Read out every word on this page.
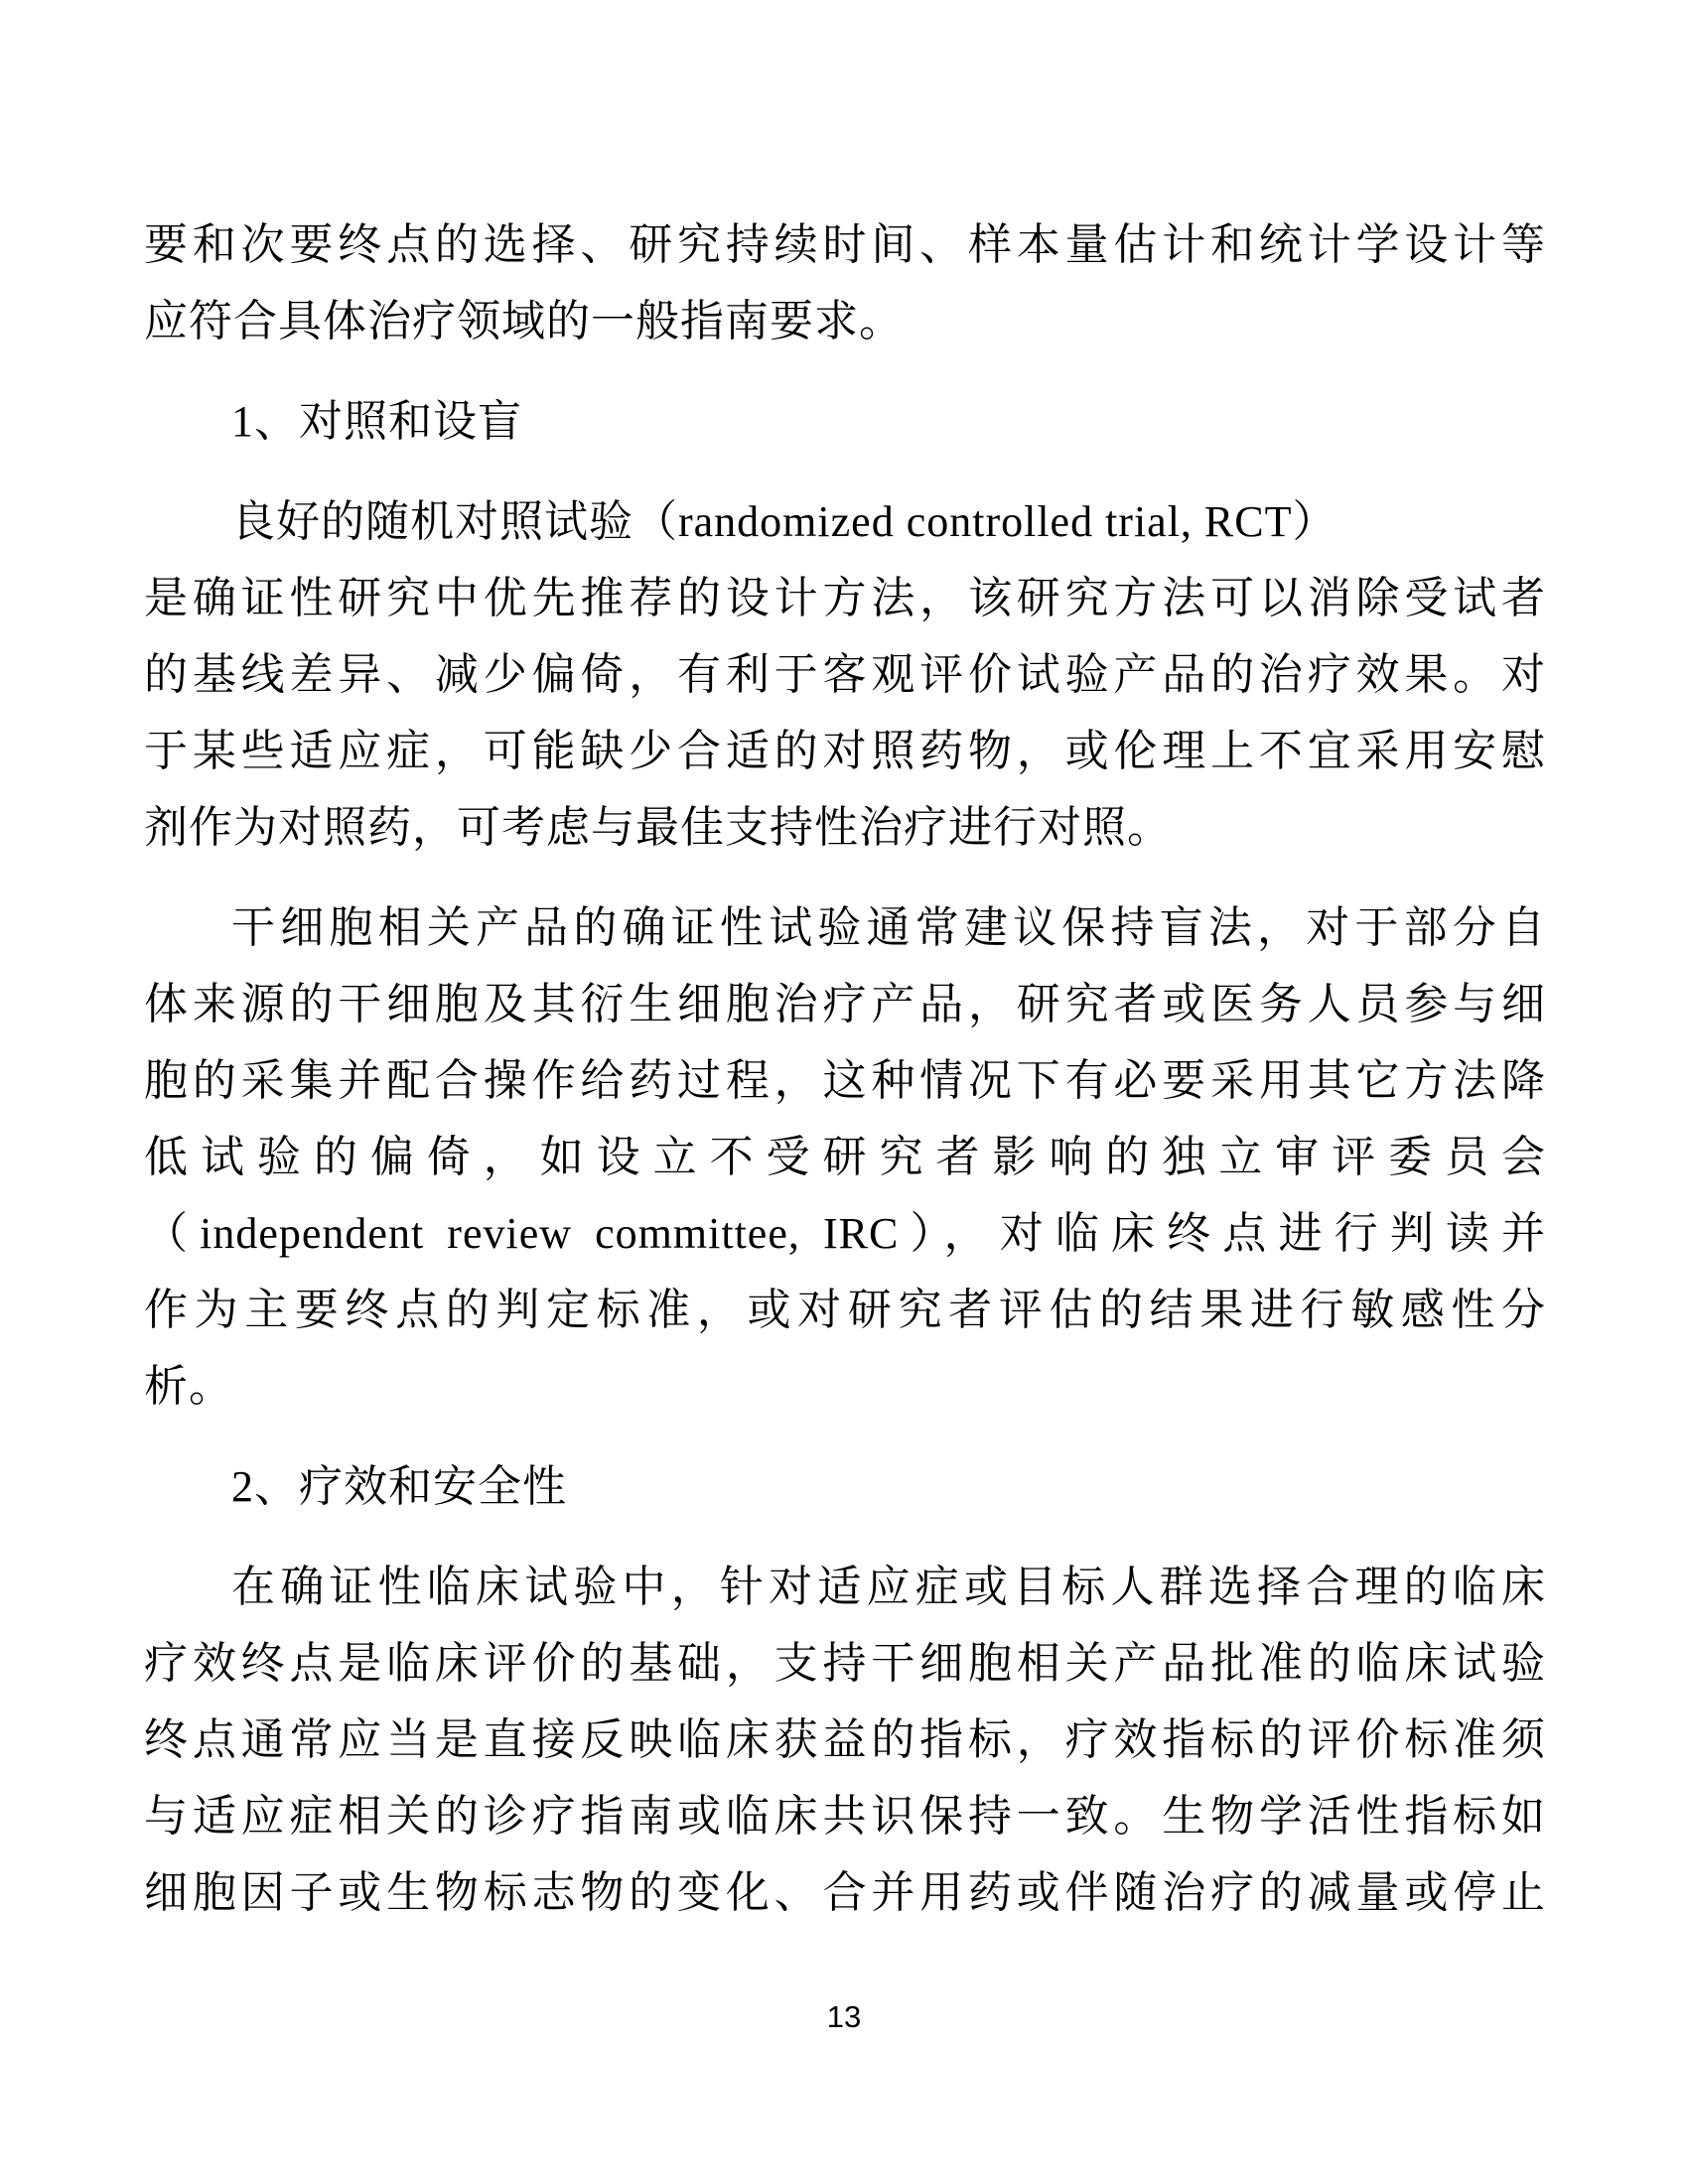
要和次要终点的选择、研究持续时间、样本量估计和统计学设计等
应符合具体治疗领域的一般指南要求。
1、对照和设盲
良好的随机对照试验（randomized controlled trial, RCT）
是确证性研究中优先推荐的设计方法，该研究方法可以消除受试者
的基线差异、减少偏倚，有利于客观评价试验产品的治疗效果。对
于某些适应症，可能缺少合适的对照药物，或伦理上不宜采用安慰
剂作为对照药，可考虑与最佳支持性治疗进行对照。
干细胞相关产品的确证性试验通常建议保持盲法，对于部分自
体来源的干细胞及其衍生细胞治疗产品，研究者或医务人员参与细
胞的采集并配合操作给药过程，这种情况下有必要采用其它方法降
低试验的偏倚，如设立不受研究者影响的独立审评委员会
（independent review committee, IRC），对临床终点进行判读并
作为主要终点的判定标准，或对研究者评估的结果进行敏感性分
析。
2、疗效和安全性
在确证性临床试验中，针对适应症或目标人群选择合理的临床
疗效终点是临床评价的基础，支持干细胞相关产品批准的临床试验
终点通常应当是直接反映临床获益的指标，疗效指标的评价标准须
与适应症相关的诊疗指南或临床共识保持一致。生物学活性指标如
细胞因子或生物标志物的变化、合并用药或伴随治疗的减量或停止
13
